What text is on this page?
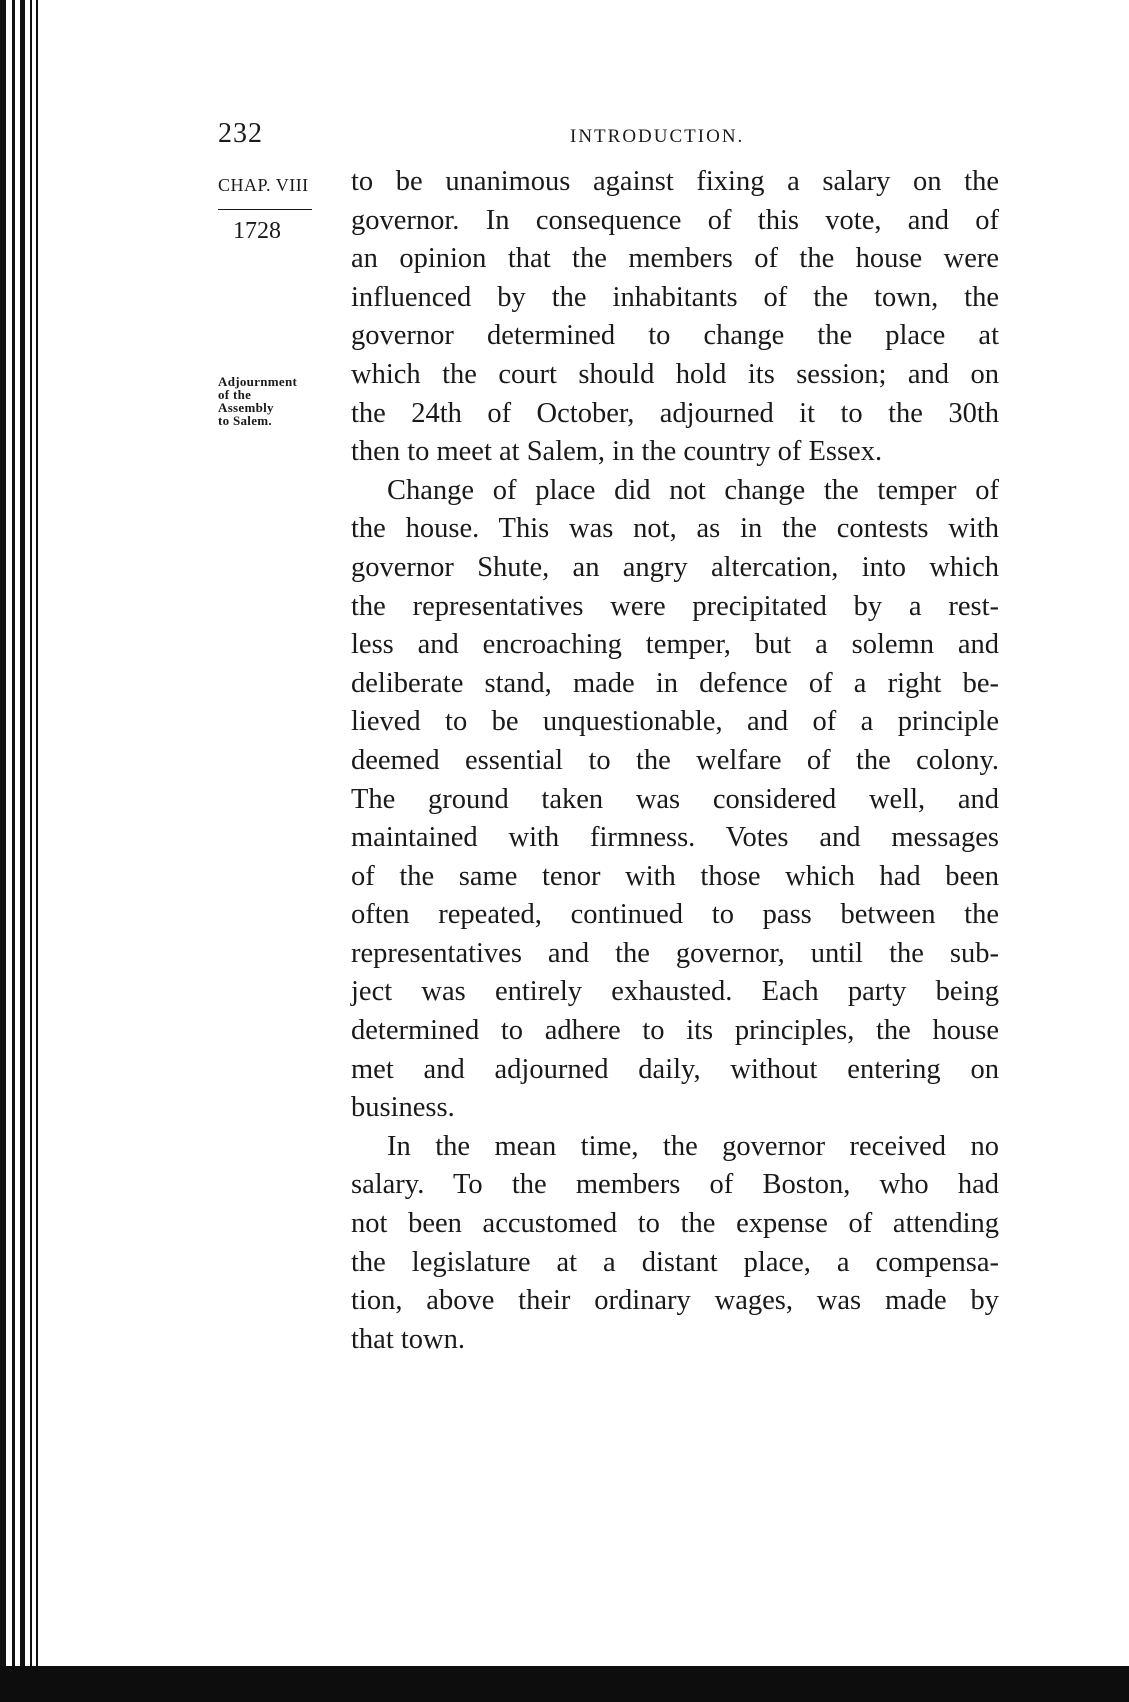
232	INTRODUCTION.
CHAP. VIII
1728
Adjournment
of the
Assembly
to Salem.

to be unanimous against fixing a salary on the
governor. In consequence of this vote, and of
an opinion that the members of the house were
influenced by the inhabitants of the town, the
governor determined to change the place at
which the court should hold its session; and on
the 24th of October, adjourned it to the 30th
then to meet at Salem, in the country of Essex.

Change of place did not change the temper of
the house. This was not, as in the contests with
governor Shute, an angry altercation, into which
the representatives were precipitated by a rest-
less and encroaching temper, but a solemn and
deliberate stand, made in defence of a right be-
lieved to be unquestionable, and of a principle
deemed essential to the welfare of the colony.
The ground taken was considered well, and
maintained with firmness. Votes and messages
of the same tenor with those which had been
often repeated, continued to pass between the
representatives and the governor, until the sub-
ject was entirely exhausted. Each party being
determined to adhere to its principles, the house
met and adjourned daily, without entering on
business.

In the mean time, the governor received no
salary. To the members of Boston, who had
not been accustomed to the expense of attending
the legislature at a distant place, a compensa-
tion, above their ordinary wages, was made by
that town.
